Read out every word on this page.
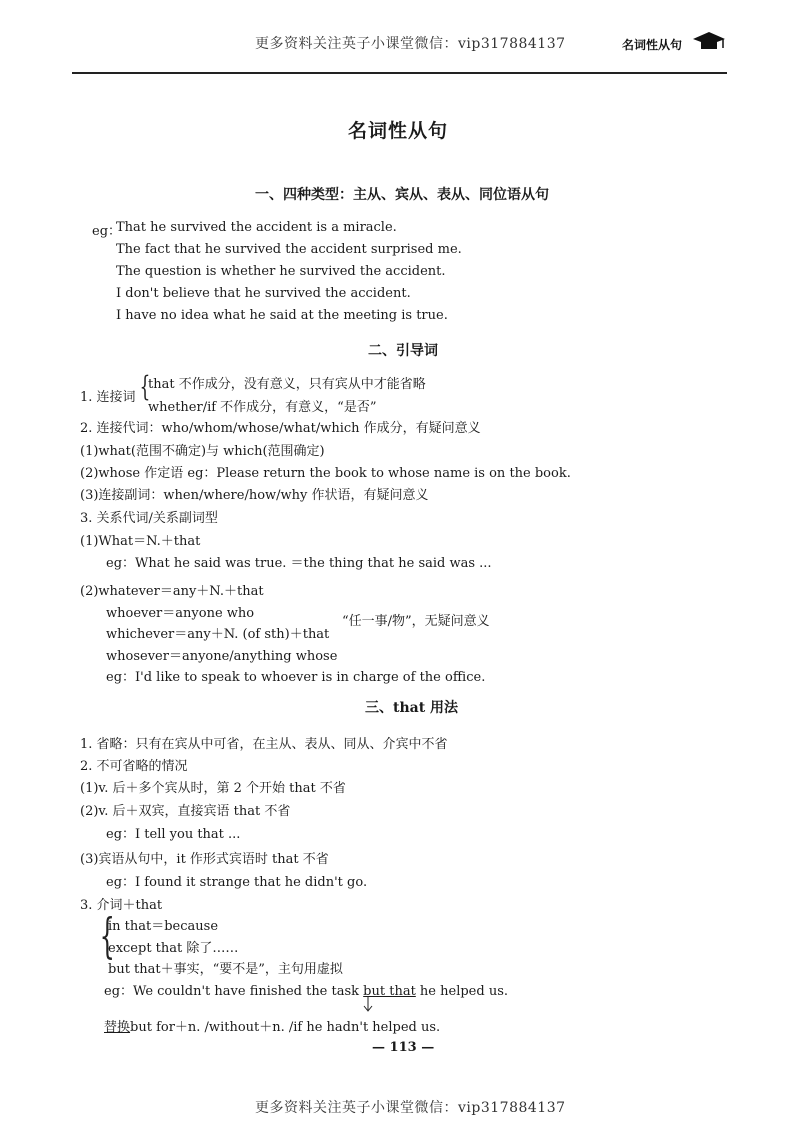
更多资料关注英子小课堂微信：vip317884137	名词性从句
名词性从句
一、四种类型：主从、宾从、表从、同位语从句
eg：
That he survived the accident is a miracle.
The fact that he survived the accident surprised me.
The question is whether he survived the accident.
I don't believe that he survived the accident.
I have no idea what he said at the meeting is true.
二、引导词
1. 连接词 {
that 不作成分，没有意义，只有宾从中才能省略
whether/if 不作成分，有意义，“是否”
2. 连接代词：who/whom/whose/what/which 作成分，有疑问意义
(1)what(范围不确定)与 which(范围确定)
(2)whose 作定语 eg：Please return the book to whose name is on the book.
(3)连接副词：when/where/how/why 作状语，有疑问意义
3. 关系代词/关系副词型
(1)What＝N.＋that
eg：What he said was true. ＝the thing that he said was ...
(2)whatever＝any＋N.＋that
whoever＝anyone who
whichever＝any＋N. (of sth)＋that
whosever＝anyone/anything whose
“任一事/物”，无疑问意义
eg：I'd like to speak to whoever is in charge of the office.
三、that 用法
1. 省略：只有在宾从中可省，在主从、表从、同从、介宾中不省
2. 不可省略的情况
(1)v. 后＋多个宾从时，第 2 个开始 that 不省
(2)v. 后＋双宾，直接宾语 that 不省
eg：I tell you that ...
(3)宾语从句中，it 作形式宾语时 that 不省
eg：I found it strange that he didn't go.
3. 介词＋that
{
in that＝because
except that 除了……
but that＋事实，“要不是”，主句用虚拟
eg：We couldn't have finished the task but that he helped us.
替换but for＋n. /without＋n. /if he hadn't helped us.
— 113 —
更多资料关注英子小课堂微信：vip317884137
